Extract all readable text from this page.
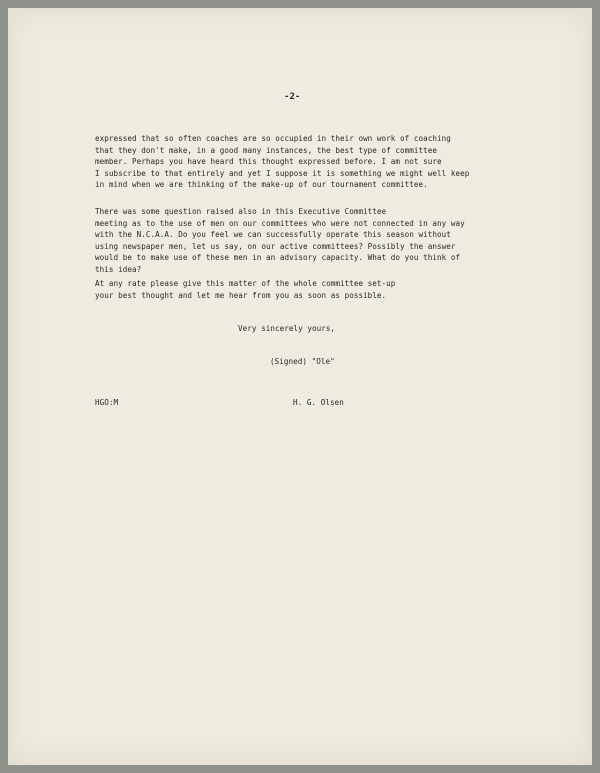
-2-
expressed that so often coaches are so occupied in their own work of coaching
that they don't make, in a good many instances, the best type of committee
member. Perhaps you have heard this thought expressed before. I am not sure
I subscribe to that entirely and yet I suppose it is something we might well keep
in mind when we are thinking of the make-up of our tournament committee.
There was some question raised also in this Executive Committee
meeting as to the use of men on our committees who were not connected in any way
with the N.C.A.A. Do you feel we can successfully operate this season without
using newspaper men, let us say, on our active committees? Possibly the answer
would be to make use of these men in an advisory capacity. What do you think of
this idea?
At any rate please give this matter of the whole committee set-up
your best thought and let me hear from you as soon as possible.
Very sincerely yours,
(Signed) "Ole"
HGO:M	H. G. Olsen
